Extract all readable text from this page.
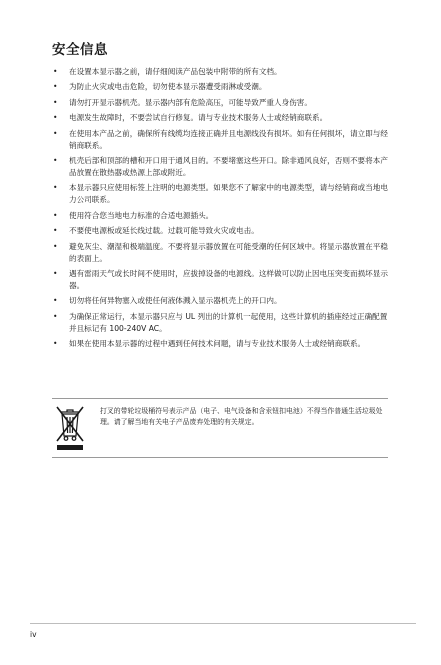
安全信息
• 在设置本显示器之前，请仔细阅读产品包装中附带的所有文档。
• 为防止火灾或电击危险，切勿使本显示器遭受雨淋或受潮。
• 请勿打开显示器机壳。显示器内部有危险高压，可能导致严重人身伤害。
• 电源发生故障时，不要尝试自行修复。请与专业技术服务人士或经销商联系。
• 在使用本产品之前，确保所有线缆均连接正确并且电源线没有损坏。如有任何损坏，请立即与经销商联系。
• 机壳后部和顶部的槽和开口用于通风目的。不要堵塞这些开口。除非通风良好，否则不要将本产品放置在散热器或热源上部或附近。
• 本显示器只应使用标签上注明的电源类型。如果您不了解家中的电源类型，请与经销商或当地电力公司联系。
• 使用符合您当地电力标准的合适电源插头。
• 不要使电源板或延长线过载。过载可能导致火灾或电击。
• 避免灰尘、潮湿和极端温度。不要将显示器放置在可能受潮的任何区域中。将显示器放置在平稳的表面上。
• 遇有雷雨天气或长时间不使用时，应拔掉设备的电源线。这样做可以防止因电压突变而损坏显示器。
• 切勿将任何异物塞入或使任何液体溅入显示器机壳上的开口内。
• 为确保正常运行，本显示器只应与 UL 列出的计算机一起使用，这些计算机的插座经过正确配置并且标记有 100-240V AC。
• 如果在使用本显示器的过程中遇到任何技术问题，请与专业技术服务人士或经销商联系。
打叉的带轮垃圾桶符号表示产品（电子、电气设备和含汞钮扣电池）不得当作普通生活垃圾处理。请了解当地有关电子产品废弃处理的有关规定。
iv
